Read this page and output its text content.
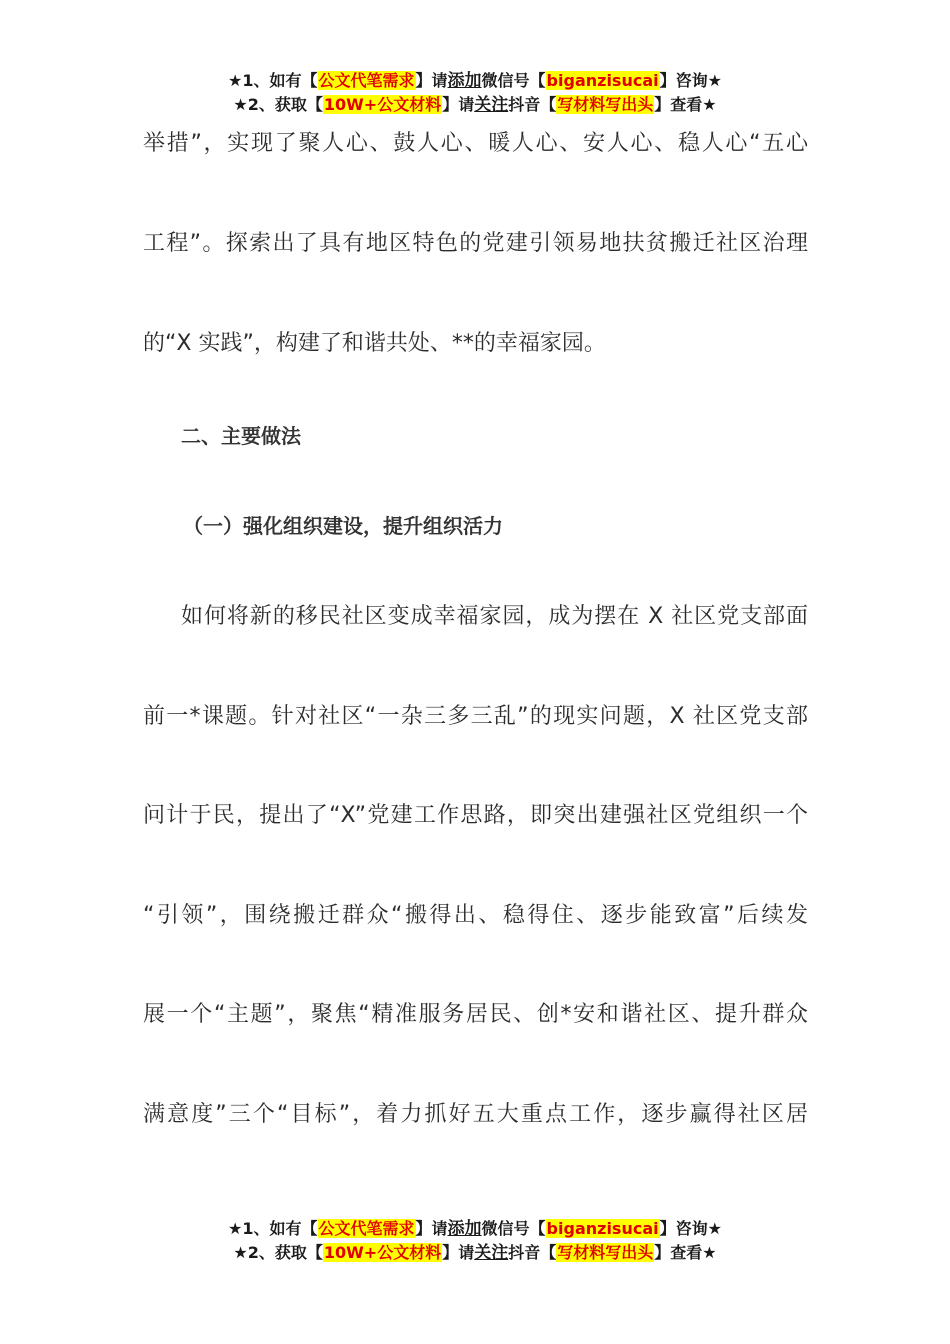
★1、如有【公文代笔需求】请添加微信号【biganzisucai】咨询★
★2、获取【10W+公文材料】请关注抖音【写材料写出头】查看★
举措”，实现了聚人心、鼓人心、暖人心、安人心、稳人心“五心
工程”。探索出了具有地区特色的党建引领易地扶贫搬迁社区治理
的“X 实践”，构建了和谐共处、**的幸福家园。
二、主要做法
（一）强化组织建设，提升组织活力
如何将新的移民社区变成幸福家园，成为摆在 X 社区党支部面
前一*课题。针对社区“一杂三多三乱”的现实问题，X 社区党支部
问计于民，提出了“X”党建工作思路，即突出建强社区党组织一个
“引领”，围绕搬迁群众“搬得出、稳得住、逐步能致富”后续发
展一个“主题”，聚焦“精准服务居民、创*安和谐社区、提升群众
满意度”三个“目标”，着力抓好五大重点工作，逐步赢得社区居
★1、如有【公文代笔需求】请添加微信号【biganzisucai】咨询★
★2、获取【10W+公文材料】请关注抖音【写材料写出头】查看★
